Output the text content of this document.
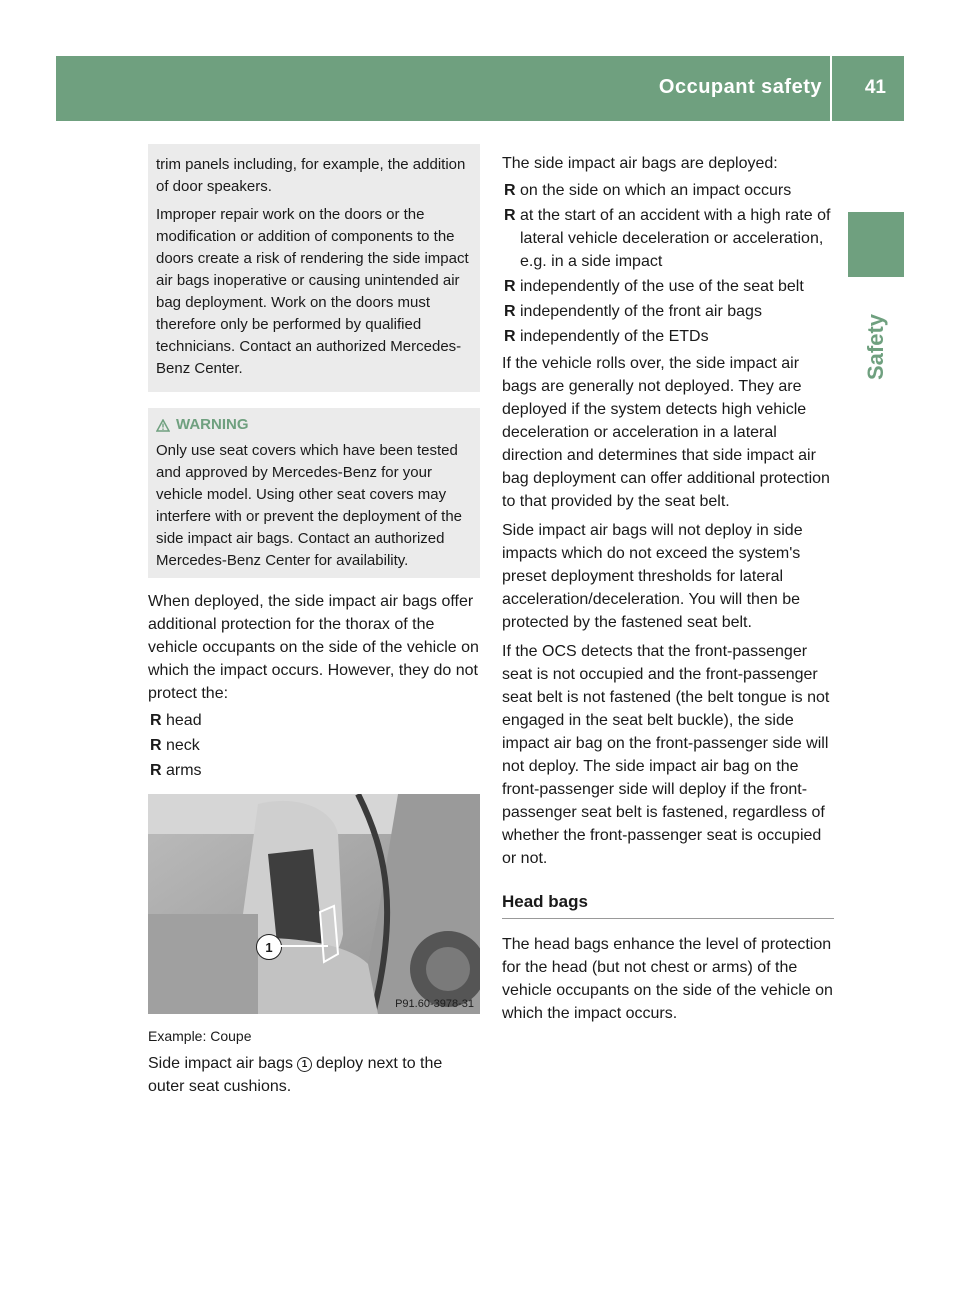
Occupant safety 41
Safety

trim panels including, for example, the addition of door speakers.

Improper repair work on the doors or the modification or addition of components to the doors create a risk of rendering the side impact air bags inoperative or causing unintended air bag deployment. Work on the doors must therefore only be performed by qualified technicians. Contact an authorized Mercedes-Benz Center.

WARNING
Only use seat covers which have been tested and approved by Mercedes-Benz for your vehicle model. Using other seat covers may interfere with or prevent the deployment of the side impact air bags. Contact an authorized Mercedes-Benz Center for availability.

When deployed, the side impact air bags offer additional protection for the thorax of the vehicle occupants on the side of the vehicle on which the impact occurs. However, they do not protect the:

R head
R neck
R arms
1
P91.60-3978-31
Example: Coupe

Side impact air bags 1 deploy next to the outer seat cushions.

The side impact air bags are deployed:

R on the side on which an impact occurs
R at the start of an accident with a high rate of lateral vehicle deceleration or acceleration, e.g. in a side impact
R independently of the use of the seat belt
R independently of the front air bags
R independently of the ETDs

If the vehicle rolls over, the side impact air bags are generally not deployed. They are deployed if the system detects high vehicle deceleration or acceleration in a lateral direction and determines that side impact air bag deployment can offer additional protection to that provided by the seat belt.

Side impact air bags will not deploy in side impacts which do not exceed the system's preset deployment thresholds for lateral acceleration/deceleration. You will then be protected by the fastened seat belt.

If the OCS detects that the front-passenger seat is not occupied and the front-passenger seat belt is not fastened (the belt tongue is not engaged in the seat belt buckle), the side impact air bag on the front-passenger side will not deploy. The side impact air bag on the front-passenger side will deploy if the front-passenger seat belt is fastened, regardless of whether the front-passenger seat is occupied or not.

Head bags

The head bags enhance the level of protection for the head (but not chest or arms) of the vehicle occupants on the side of the vehicle on which the impact occurs.
